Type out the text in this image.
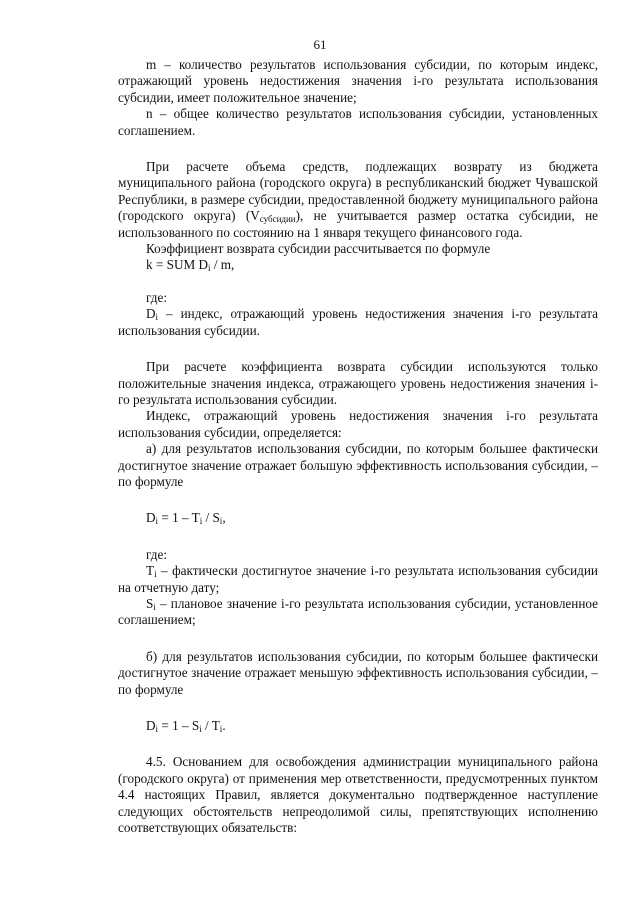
61

m – количество результатов использования субсидии, по которым индекс, отражающий уровень недостижения значения i-го результата использования субсидии, имеет положительное значение;

n – общее количество результатов использования субсидии, установленных соглашением.

При расчете объема средств, подлежащих возврату из бюджета муниципального района (городского округа) в республиканский бюджет Чувашской Республики, в размере субсидии, предоставленной бюджету муниципального района (городского округа) $(V_{субсидии})$, не учитывается размер остатка субсидии, не использованного по состоянию на 1 января текущего финансового года.

Коэффициент возврата субсидии рассчитывается по формуле

k = SUM $D_i$ / m,

где:

$D_i$ – индекс, отражающий уровень недостижения значения i-го результата использования субсидии.

При расчете коэффициента возврата субсидии используются только положительные значения индекса, отражающего уровень недостижения значения i-го результата использования субсидии.

Индекс, отражающий уровень недостижения значения i-го результата использования субсидии, определяется:

а) для результатов использования субсидии, по которым большее фактически достигнутое значение отражает большую эффективность использования субсидии, – по формуле

$D_i = 1 - T_i / S_i$,

где:

$T_i$ – фактически достигнутое значение i-го результата использования субсидии на отчетную дату;

$S_i$ – плановое значение i-го результата использования субсидии, установленное соглашением;

б) для результатов использования субсидии, по которым большее фактически достигнутое значение отражает меньшую эффективность использования субсидии, – по формуле

$D_i = 1 - S_i / T_i$.

4.5. Основанием для освобождения администрации муниципального района (городского округа) от применения мер ответственности, предусмотренных пунктом 4.4 настоящих Правил, является документально подтвержденное наступление следующих обстоятельств непреодолимой силы, препятствующих исполнению соответствующих обязательств:
